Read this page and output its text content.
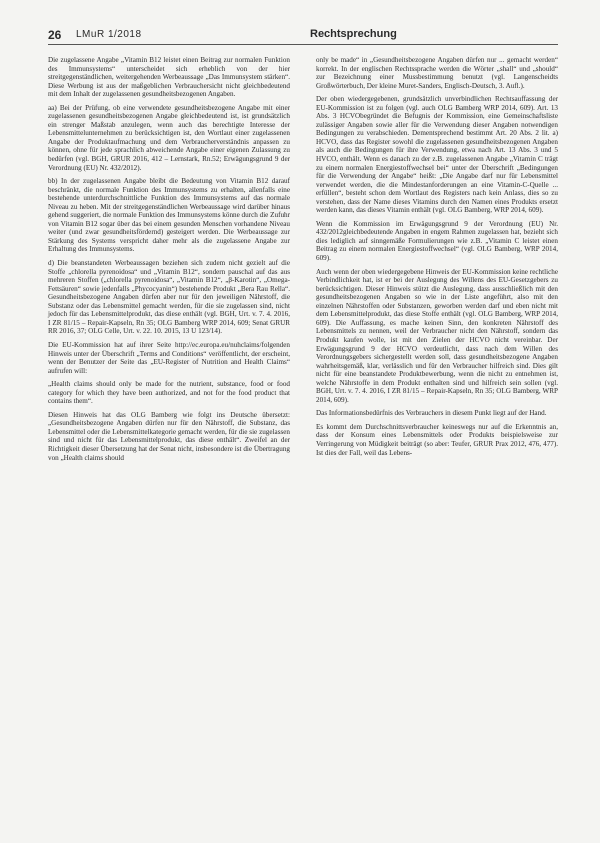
26 LMuR 1/2018	Rechtsprechung

Die zugelassene Angabe „Vitamin B12 leistet einen Beitrag zur normalen Funktion des Immunsystems“ unterscheidet sich erheblich von der hier streitgegenständlichen, weitergehenden Werbeaussage „Das Immunsystem stärken“. Diese Werbung ist aus der maßgeblichen Verbrauchersicht nicht gleichbedeutend mit dem Inhalt der zugelassenen gesundheitsbezogenen Angaben.

aa) Bei der Prüfung, ob eine verwendete gesundheitsbezogene Angabe mit einer zugelassenen gesundheitsbezogenen Angabe gleichbedeutend ist, ist grundsätzlich ein strenger Maßstab anzulegen, wenn auch das berechtigte Interesse der Lebensmittelunternehmen zu berücksichtigen ist, den Wortlaut einer zugelassenen Angabe der Produktaufmachung und dem Verbraucherverständnis anpassen zu können, ohne für jede sprachlich abweichende Angabe einer eigenen Zulassung zu bedürfen (vgl. BGH, GRUR 2016, 412 – Lernstark, Rn.52; Erwägungsgrund 9 der Verordnung (EU) Nr. 432/2012).

bb) In der zugelassenen Angabe bleibt die Bedeutung von Vitamin B12 darauf beschränkt, die normale Funktion des Immunsystems zu erhalten, allenfalls eine bestehende unterdurchschnittliche Funktion des Immunsystems auf das normale Niveau zu heben. Mit der streitgegenständlichen Werbeaussage wird darüber hinaus gehend suggeriert, die normale Funktion des Immunsystems könne durch die Zufuhr von Vitamin B12 sogar über das bei einem gesunden Menschen vorhandene Niveau weiter (und zwar gesundheitsfördernd) gesteigert werden. Die Werbeaussage zur Stärkung des Systems verspricht daher mehr als die zugelassene Angabe zur Erhaltung des Immunsystems.

d) Die beanstandeten Werbeaussagen beziehen sich zudem nicht gezielt auf die Stoffe „chlorella pyrenoidosa“ und „Vitamin B12“, sondern pauschal auf das aus mehreren Stoffen („chlorella pyrenoidosa“, „Vitamin B12“, „β-Karotin“, „Omega-Fettsäuren“ sowie jedenfalls „Phycocyanin“) bestehende Produkt „Bera Rau Rella“. Gesundheitsbezogene Angaben dürfen aber nur für den jeweiligen Nährstoff, die Substanz oder das Lebensmittel gemacht werden, für die sie zugelassen sind, nicht jedoch für das Lebensmittelprodukt, das diese enthält (vgl. BGH, Urt. v. 7. 4. 2016, I ZR 81/15 – Repair-Kapseln, Rn 35; OLG Bamberg WRP 2014, 609; Senat GRUR RR 2016, 37; OLG Celle, Urt. v. 22. 10. 2015, 13 U 123/14).

Die EU-Kommission hat auf ihrer Seite http://ec.europa.eu/nuhclaims/folgenden Hinweis unter der Überschrift „Terms and Conditions“ veröffentlicht, der erscheint, wenn der Benutzer der Seite das „EU-Register of Nutrition and Health Claims“ aufrufen will:

„Health claims should only be made for the nutrient, substance, food or food category for which they have been authorized, and not for the food product that contains them“.

Diesen Hinweis hat das OLG Bamberg wie folgt ins Deutsche übersetzt: „Gesundheitsbezogene Angaben dürfen nur für den Nährstoff, die Substanz, das Lebensmittel oder die Lebensmittelkategorie gemacht werden, für die sie zugelassen sind und nicht für das Lebensmittelprodukt, das diese enthält“. Zweifel an der Richtigkeit dieser Übersetzung hat der Senat nicht, insbesondere ist die Übertragung von „Health claims should

only be made“ in „Gesundheitsbezogene Angaben dürfen nur ... gemacht werden“ korrekt. In der englischen Rechtssprache werden die Wörter „shall“ und „should“ zur Bezeichnung einer Mussbestimmung benutzt (vgl. Langenscheidts Großwörterbuch, Der kleine Muret-Sanders, Englisch-Deutsch, 3. Aufl.).

Der oben wiedergegebenen, grundsätzlich unverbindlichen Rechtsauffassung der EU-Kommission ist zu folgen (vgl. auch OLG Bamberg WRP 2014, 609). Art. 13 Abs. 3 HCVObegründet die Befugnis der Kommission, eine Gemeinschaftsliste zulässiger Angaben sowie aller für die Verwendung dieser Angaben notwendigen Bedingungen zu verabschieden. Dementsprechend bestimmt Art. 20 Abs. 2 lit. a) HCVO, dass das Register sowohl die zugelassenen gesundheitsbezogenen Angaben als auch die Bedingungen für ihre Verwendung, etwa nach Art. 13 Abs. 3 und 5 HVCO, enthält. Wenn es danach zu der z.B. zugelassenen Angabe „Vitamin C trägt zu einem normalen Energiestoffwechsel bei“ unter der Überschrift „Bedingungen für die Verwendung der Angabe“ heißt: „Die Angabe darf nur für Lebensmittel verwendet werden, die die Mindestanforderungen an eine Vitamin-C-Quelle ... erfüllen“, besteht schon dem Wortlaut des Registers nach kein Anlass, dies so zu verstehen, dass der Name dieses Vitamins durch den Namen eines Produkts ersetzt werden kann, das dieses Vitamin enthält (vgl. OLG Bamberg, WRP 2014, 609).

Wenn die Kommission im Erwägungsgrund 9 der Verordnung (EU) Nr. 432/2012gleichbedeutende Angaben in engem Rahmen zugelassen hat, bezieht sich dies lediglich auf sinngemäße Formulierungen wie z.B. „Vitamin C leistet einen Beitrag zu einem normalen Energiestoffwechsel“ (vgl. OLG Bamberg, WRP 2014, 609).

Auch wenn der oben wiedergegebene Hinweis der EU-Kommission keine rechtliche Verbindlichkeit hat, ist er bei der Auslegung des Willens des EU-Gesetzgebers zu berücksichtigen. Dieser Hinweis stützt die Auslegung, dass ausschließlich mit den gesundheitsbezogenen Angaben so wie in der Liste angeführt, also mit den einzelnen Nährstoffen oder Substanzen, geworben werden darf und eben nicht mit dem Lebensmittelprodukt, das diese Stoffe enthält (vgl. OLG Bamberg, WRP 2014, 609). Die Auffassung, es mache keinen Sinn, den konkreten Nährstoff des Lebensmittels zu nennen, weil der Verbraucher nicht den Nährstoff, sondern das Produkt kaufen wolle, ist mit den Zielen der HCVO nicht vereinbar. Der Erwägungsgrund 9 der HCVO verdeutlicht, dass nach dem Willen des Verordnungsgebers sichergestellt werden soll, dass gesundheitsbezogene Angaben wahrheitsgemäß, klar, verlässlich und für den Verbraucher hilfreich sind. Dies gilt nicht für eine beanstandete Produktbewerbung, wenn die nicht zu entnehmen ist, welche Nährstoffe in dem Produkt enthalten sind und hilfreich sein sollen (vgl. BGH, Urt. v. 7. 4. 2016, I ZR 81/15 – Repair-Kapseln, Rn 35; OLG Bamberg, WRP 2014, 609).

Das Informationsbedürfnis des Verbrauchers in diesem Punkt liegt auf der Hand.

Es kommt dem Durchschnittsverbraucher keineswegs nur auf die Erkenntnis an, dass der Konsum eines Lebensmittels oder Produkts beispielsweise zur Verringerung von Müdigkeit beiträgt (so aber: Teufer, GRUR Prax 2012, 476, 477). Ist dies der Fall, weil das Lebens-
